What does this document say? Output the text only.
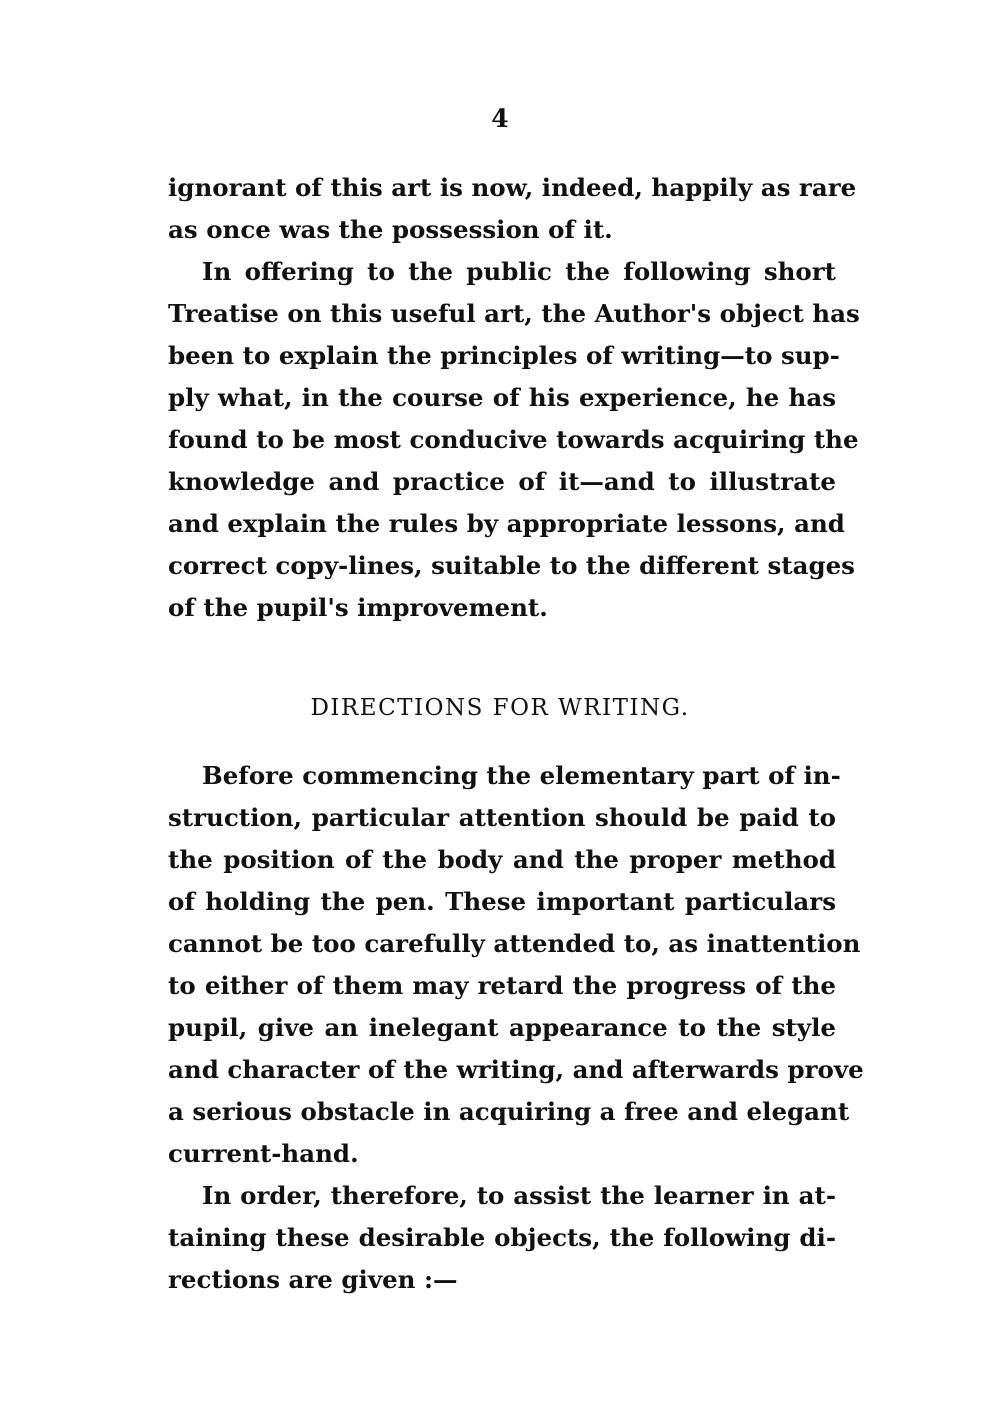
4
ignorant of this art is now, indeed, happily as rare
as once was the possession of it.
In offering to the public the following short
Treatise on this useful art, the Author's object has
been to explain the principles of writing—to sup-
ply what, in the course of his experience, he has
found to be most conducive towards acquiring the
knowledge and practice of it—and to illustrate
and explain the rules by appropriate lessons, and
correct copy-lines, suitable to the different stages
of the pupil's improvement.
DIRECTIONS FOR WRITING.
Before commencing the elementary part of in-
struction, particular attention should be paid to
the position of the body and the proper method
of holding the pen. These important particulars
cannot be too carefully attended to, as inattention
to either of them may retard the progress of the
pupil, give an inelegant appearance to the style
and character of the writing, and afterwards prove
a serious obstacle in acquiring a free and elegant
current-hand.
In order, therefore, to assist the learner in at-
taining these desirable objects, the following di-
rections are given :—
